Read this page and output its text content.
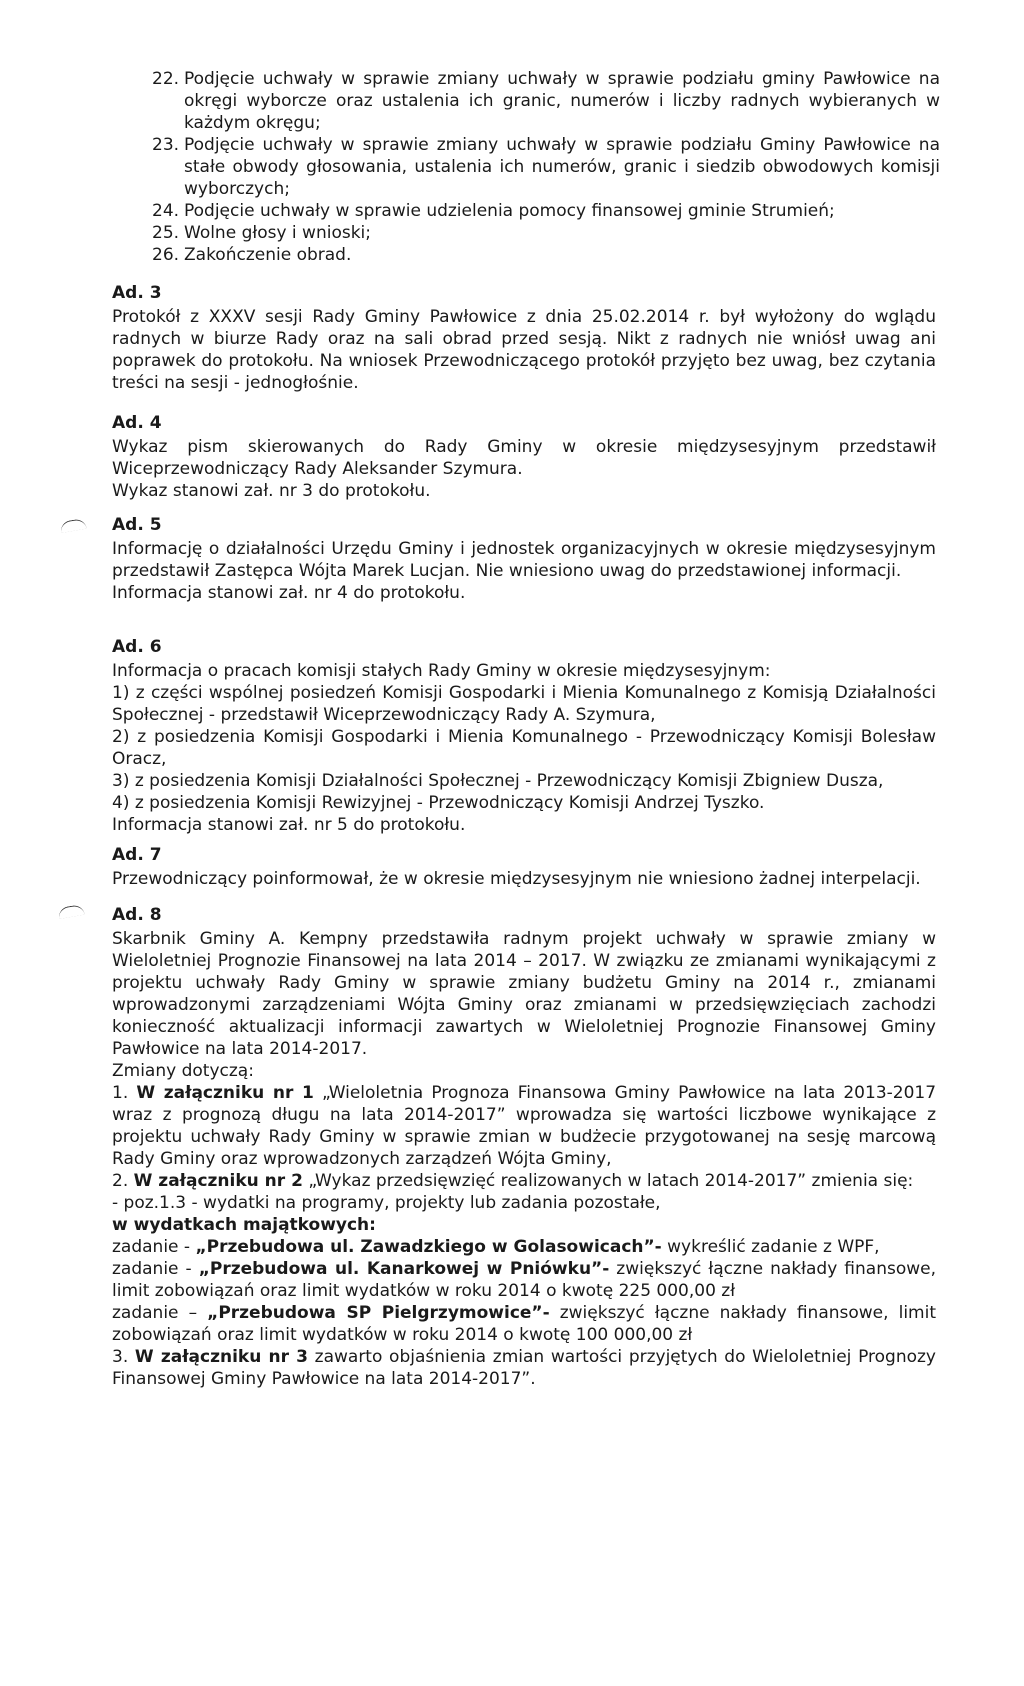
22. Podjęcie uchwały w sprawie zmiany uchwały w sprawie podziału gminy Pawłowice na okręgi wyborcze oraz ustalenia ich granic, numerów i liczby radnych wybieranych w każdym okręgu;
23. Podjęcie uchwały w sprawie zmiany uchwały w sprawie podziału Gminy Pawłowice na stałe obwody głosowania, ustalenia ich numerów, granic i siedzib obwodowych komisji wyborczych;
24. Podjęcie uchwały w sprawie udzielenia pomocy finansowej gminie Strumień;
25. Wolne głosy i wnioski;
26. Zakończenie obrad.

Ad. 3

Protokół z XXXV sesji Rady Gminy Pawłowice z dnia 25.02.2014 r. był wyłożony do wglądu radnych w biurze Rady oraz na sali obrad przed sesją. Nikt z radnych nie wniósł uwag ani poprawek do protokołu. Na wniosek Przewodniczącego protokół przyjęto bez uwag, bez czytania treści na sesji - jednogłośnie.

Ad. 4

Wykaz pism skierowanych do Rady Gminy w okresie międzysesyjnym przedstawił Wiceprzewodniczący Rady Aleksander Szymura.

Wykaz stanowi zał. nr 3 do protokołu.

Ad. 5

Informację o działalności Urzędu Gminy i jednostek organizacyjnych w okresie międzysesyjnym przedstawił Zastępca Wójta Marek Lucjan. Nie wniesiono uwag do przedstawionej informacji.

Informacja stanowi zał. nr 4 do protokołu.

Ad. 6

Informacja o pracach komisji stałych Rady Gminy w okresie międzysesyjnym:

1) z części wspólnej posiedzeń Komisji Gospodarki i Mienia Komunalnego z Komisją Działalności Społecznej - przedstawił Wiceprzewodniczący Rady A. Szymura,

2) z posiedzenia Komisji Gospodarki i Mienia Komunalnego - Przewodniczący Komisji Bolesław Oracz,

3) z posiedzenia Komisji Działalności Społecznej - Przewodniczący Komisji Zbigniew Dusza,

4) z posiedzenia Komisji Rewizyjnej - Przewodniczący Komisji Andrzej Tyszko.

Informacja stanowi zał. nr 5 do protokołu.

Ad. 7

Przewodniczący poinformował, że w okresie międzysesyjnym nie wniesiono żadnej interpelacji.

Ad. 8

Skarbnik Gminy A. Kempny przedstawiła radnym projekt uchwały w sprawie zmiany w Wieloletniej Prognozie Finansowej na lata 2014 – 2017. W związku ze zmianami wynikającymi z projektu uchwały Rady Gminy w sprawie zmiany budżetu Gminy na 2014 r., zmianami wprowadzonymi zarządzeniami Wójta Gminy oraz zmianami w przedsięwzięciach zachodzi konieczność aktualizacji informacji zawartych w Wieloletniej Prognozie Finansowej Gminy Pawłowice na lata 2014-2017.

Zmiany dotyczą:

1. W załączniku nr 1 „Wieloletnia Prognoza Finansowa Gminy Pawłowice na lata 2013-2017 wraz z prognozą długu na lata 2014-2017” wprowadza się wartości liczbowe wynikające z projektu uchwały Rady Gminy w sprawie zmian w budżecie przygotowanej na sesję marcową Rady Gminy oraz wprowadzonych zarządzeń Wójta Gminy,

2. W załączniku nr 2 „Wykaz przedsięwzięć realizowanych w latach 2014-2017” zmienia się:

- poz.1.3 - wydatki na programy, projekty lub zadania pozostałe,

w wydatkach majątkowych:

zadanie - „Przebudowa ul. Zawadzkiego w Golasowicach”- wykreślić zadanie z WPF,

zadanie - „Przebudowa ul. Kanarkowej w Pniówku”- zwiększyć łączne nakłady finansowe, limit zobowiązań oraz limit wydatków w roku 2014 o kwotę 225 000,00 zł

zadanie – „Przebudowa SP Pielgrzymowice”- zwiększyć łączne nakłady finansowe, limit zobowiązań oraz limit wydatków w roku 2014 o kwotę 100 000,00 zł

3. W załączniku nr 3 zawarto objaśnienia zmian wartości przyjętych do Wieloletniej Prognozy Finansowej Gminy Pawłowice na lata 2014-2017”.
